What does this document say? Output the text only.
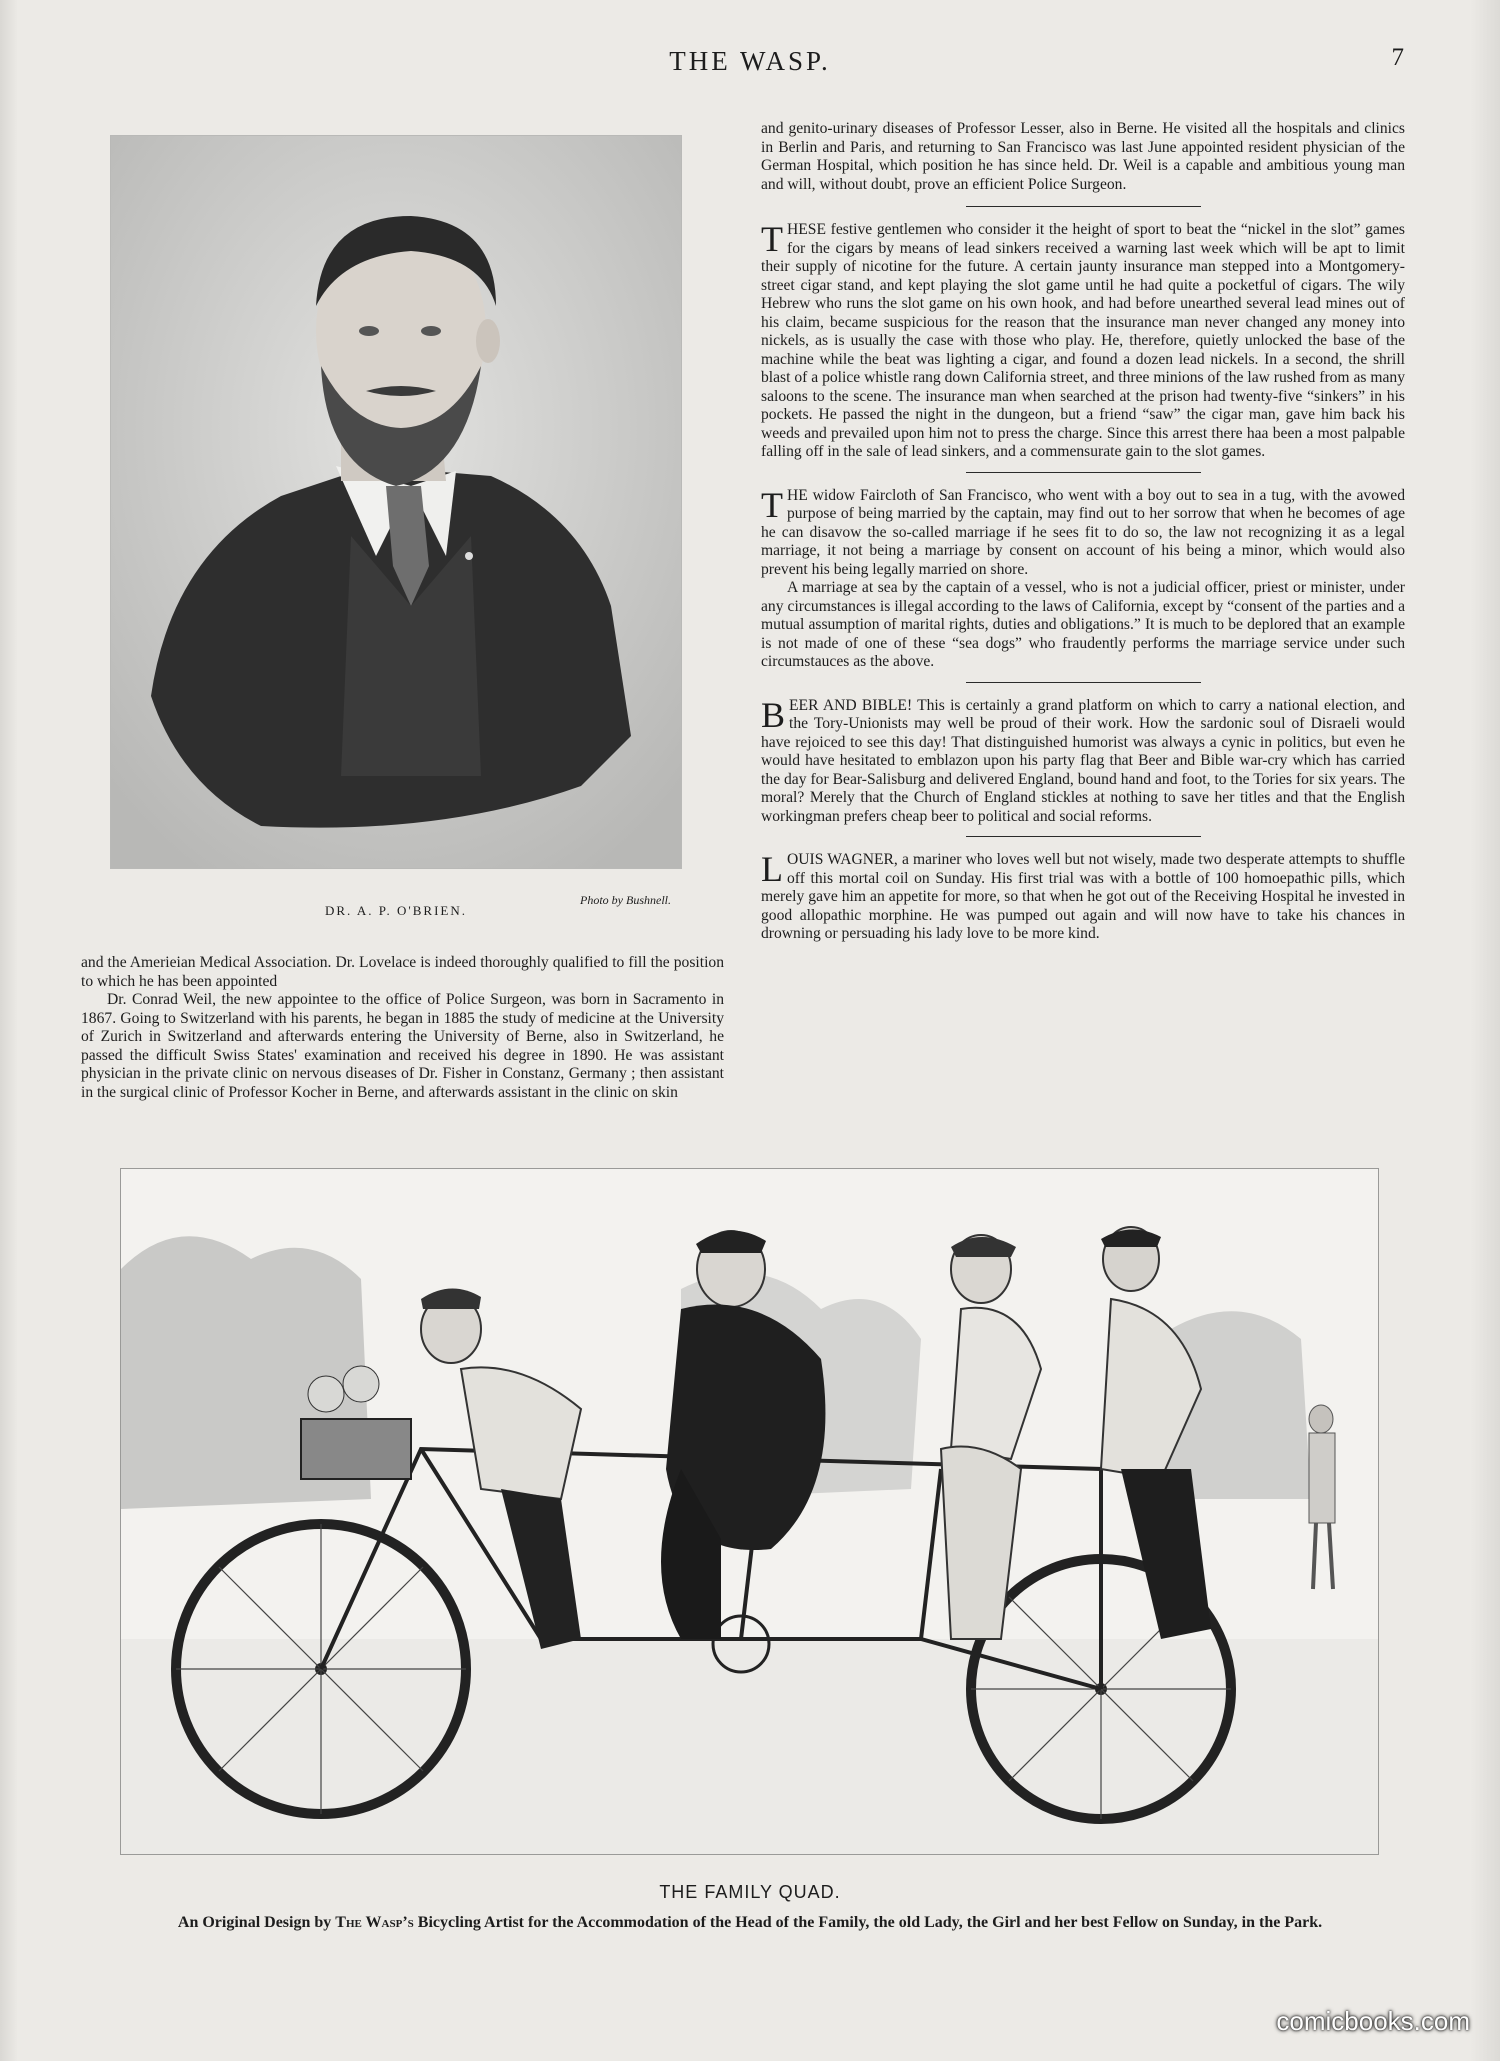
THE WASP.	7
DR. A. P. O'BRIEN.
Photo by Bushnell.

and the Amerieian Medical Association. Dr. Lovelace is indeed thoroughly qualified to fill the position to which he has been appointed

Dr. Conrad Weil, the new appointee to the office of Police Surgeon, was born in Sacramento in 1867. Going to Switzerland with his parents, he began in 1885 the study of medicine at the University of Zurich in Switzerland and afterwards entering the University of Berne, also in Switzerland, he passed the difficult Swiss States' examination and received his degree in 1890. He was assistant physician in the private clinic on nervous diseases of Dr. Fisher in Constanz, Germany ; then assistant in the surgical clinic of Professor Kocher in Berne, and afterwards assistant in the clinic on skin

and genito-urinary diseases of Professor Lesser, also in Berne. He visited all the hospitals and clinics in Berlin and Paris, and returning to San Francisco was last June appointed resident physician of the German Hospital, which position he has since held. Dr. Weil is a capable and ambitious young man and will, without doubt, prove an efficient Police Surgeon.

T HESE festive gentlemen who consider it the height of sport to beat the “nickel in the slot” games for the cigars by means of lead sinkers received a warning last week which will be apt to limit their supply of nicotine for the future. A certain jaunty insurance man stepped into a Montgomery-street cigar stand, and kept playing the slot game until he had quite a pocketful of cigars. The wily Hebrew who runs the slot game on his own hook, and had before unearthed several lead mines out of his claim, became suspicious for the reason that the insurance man never changed any money into nickels, as is usually the case with those who play. He, therefore, quietly unlocked the base of the machine while the beat was lighting a cigar, and found a dozen lead nickels. In a second, the shrill blast of a police whistle rang down California street, and three minions of the law rushed from as many saloons to the scene. The insurance man when searched at the prison had twenty-five “sinkers” in his pockets. He passed the night in the dungeon, but a friend “saw” the cigar man, gave him back his weeds and prevailed upon him not to press the charge. Since this arrest there haa been a most palpable falling off in the sale of lead sinkers, and a commensurate gain to the slot games.

T HE widow Faircloth of San Francisco, who went with a boy out to sea in a tug, with the avowed purpose of being married by the captain, may find out to her sorrow that when he becomes of age he can disavow the so-called marriage if he sees fit to do so, the law not recognizing it as a legal marriage, it not being a marriage by consent on account of his being a minor, which would also prevent his being legally married on shore.

A marriage at sea by the captain of a vessel, who is not a judicial officer, priest or minister, under any circumstances is illegal according to the laws of California, except by “consent of the parties and a mutual assumption of marital rights, duties and obligations.” It is much to be deplored that an example is not made of one of these “sea dogs” who fraudently performs the marriage service under such circumstauces as the above.

B EER AND BIBLE! This is certainly a grand platform on which to carry a national election, and the Tory-Unionists may well be proud of their work. How the sardonic soul of Disraeli would have rejoiced to see this day! That distinguished humorist was always a cynic in politics, but even he would have hesitated to emblazon upon his party flag that Beer and Bible war-cry which has carried the day for Bear-Salisburg and delivered England, bound hand and foot, to the Tories for six years. The moral? Merely that the Church of England stickles at nothing to save her titles and that the English workingman prefers cheap beer to political and social reforms.

L OUIS WAGNER, a mariner who loves well but not wisely, made two desperate attempts to shuffle off this mortal coil on Sunday. His first trial was with a bottle of 100 homoepathic pills, which merely gave him an appetite for more, so that when he got out of the Receiving Hospital he invested in good allopathic morphine. He was pumped out again and will now have to take his chances in drowning or persuading his lady love to be more kind.

THE FAMILY QUAD.
An Original Design by The Wasp’s Bicycling Artist for the Accommodation of the Head of the Family, the old Lady, the Girl and her best Fellow on Sunday, in the Park.
comicbooks.com
